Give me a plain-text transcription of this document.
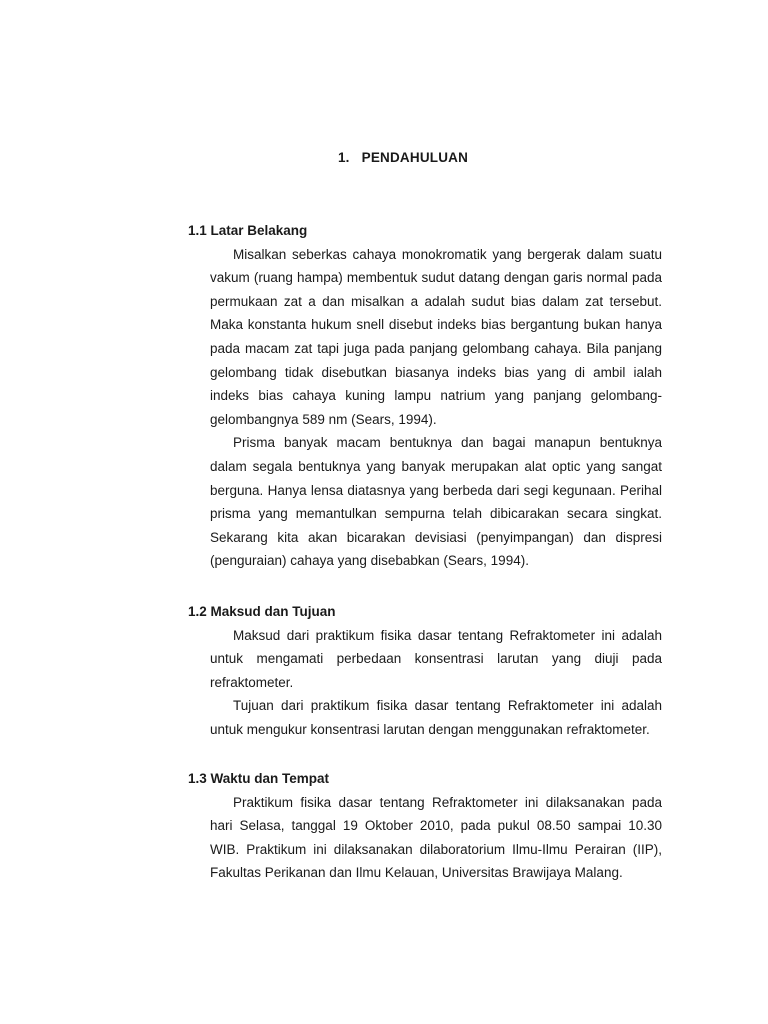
1. PENDAHULUAN
1.1 Latar Belakang

Misalkan seberkas cahaya monokromatik yang bergerak dalam suatu vakum (ruang hampa) membentuk sudut datang dengan garis normal pada permukaan zat a dan misalkan a adalah sudut bias dalam zat tersebut. Maka konstanta hukum snell disebut indeks bias bergantung bukan hanya pada macam zat tapi juga pada panjang gelombang cahaya. Bila panjang gelombang tidak disebutkan biasanya indeks bias yang di ambil ialah indeks bias cahaya kuning lampu natrium yang panjang gelombang-gelombangnya 589 nm (Sears, 1994).

Prisma banyak macam bentuknya dan bagai manapun bentuknya dalam segala bentuknya yang banyak merupakan alat optic yang sangat berguna. Hanya lensa diatasnya yang berbeda dari segi kegunaan. Perihal prisma yang memantulkan sempurna telah dibicarakan secara singkat. Sekarang kita akan bicarakan devisiasi (penyimpangan) dan dispresi (penguraian) cahaya yang disebabkan (Sears, 1994).

1.2 Maksud dan Tujuan

Maksud dari praktikum fisika dasar tentang Refraktometer ini adalah untuk mengamati perbedaan konsentrasi larutan yang diuji pada refraktometer.

Tujuan dari praktikum fisika dasar tentang Refraktometer ini adalah untuk mengukur konsentrasi larutan dengan menggunakan refraktometer.

1.3 Waktu dan Tempat

Praktikum fisika dasar tentang Refraktometer ini dilaksanakan pada hari Selasa, tanggal 19 Oktober 2010, pada pukul 08.50 sampai 10.30 WIB. Praktikum ini dilaksanakan dilaboratorium Ilmu-Ilmu Perairan (IIP), Fakultas Perikanan dan Ilmu Kelauan, Universitas Brawijaya Malang.
